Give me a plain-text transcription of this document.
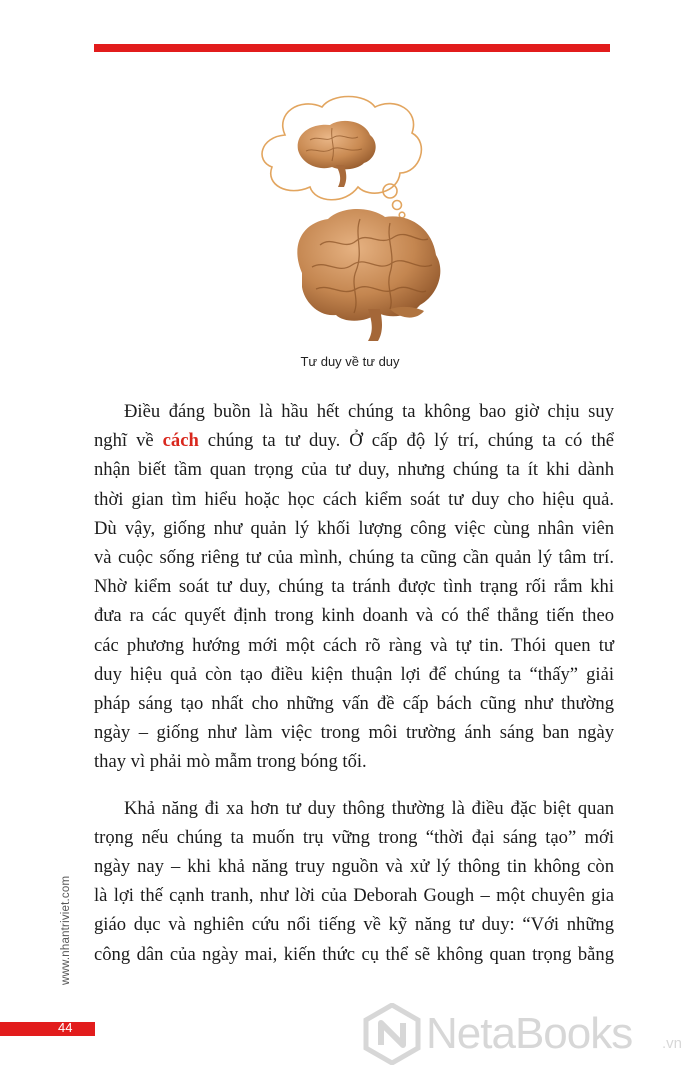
Tư duy về tư duy
Điều đáng buồn là hầu hết chúng ta không bao giờ chịu suy
nghĩ về cách chúng ta tư duy. Ở cấp độ lý trí, chúng ta có thể
nhận biết tầm quan trọng của tư duy, nhưng chúng ta ít khi dành
thời gian tìm hiểu hoặc học cách kiểm soát tư duy cho hiệu quả.
Dù vậy, giống như quản lý khối lượng công việc cùng nhân viên
và cuộc sống riêng tư của mình, chúng ta cũng cần quản lý tâm trí.
Nhờ kiểm soát tư duy, chúng ta tránh được tình trạng rối rắm khi
đưa ra các quyết định trong kinh doanh và có thể thẳng tiến theo
các phương hướng mới một cách rõ ràng và tự tin. Thói quen tư
duy hiệu quả còn tạo điều kiện thuận lợi để chúng ta “thấy” giải
pháp sáng tạo nhất cho những vấn đề cấp bách cũng như thường
ngày – giống như làm việc trong môi trường ánh sáng ban ngày
thay vì phải mò mẫm trong bóng tối.
Khả năng đi xa hơn tư duy thông thường là điều đặc biệt quan
trọng nếu chúng ta muốn trụ vững trong “thời đại sáng tạo” mới
ngày nay – khi khả năng truy nguồn và xử lý thông tin không còn
là lợi thế cạnh tranh, như lời của Deborah Gough – một chuyên gia
giáo dục và nghiên cứu nổi tiếng về kỹ năng tư duy: “Với những
công dân của ngày mai, kiến thức cụ thể sẽ không quan trọng bằng
www.nhantriviet.com
44	NetaBooks .vn
